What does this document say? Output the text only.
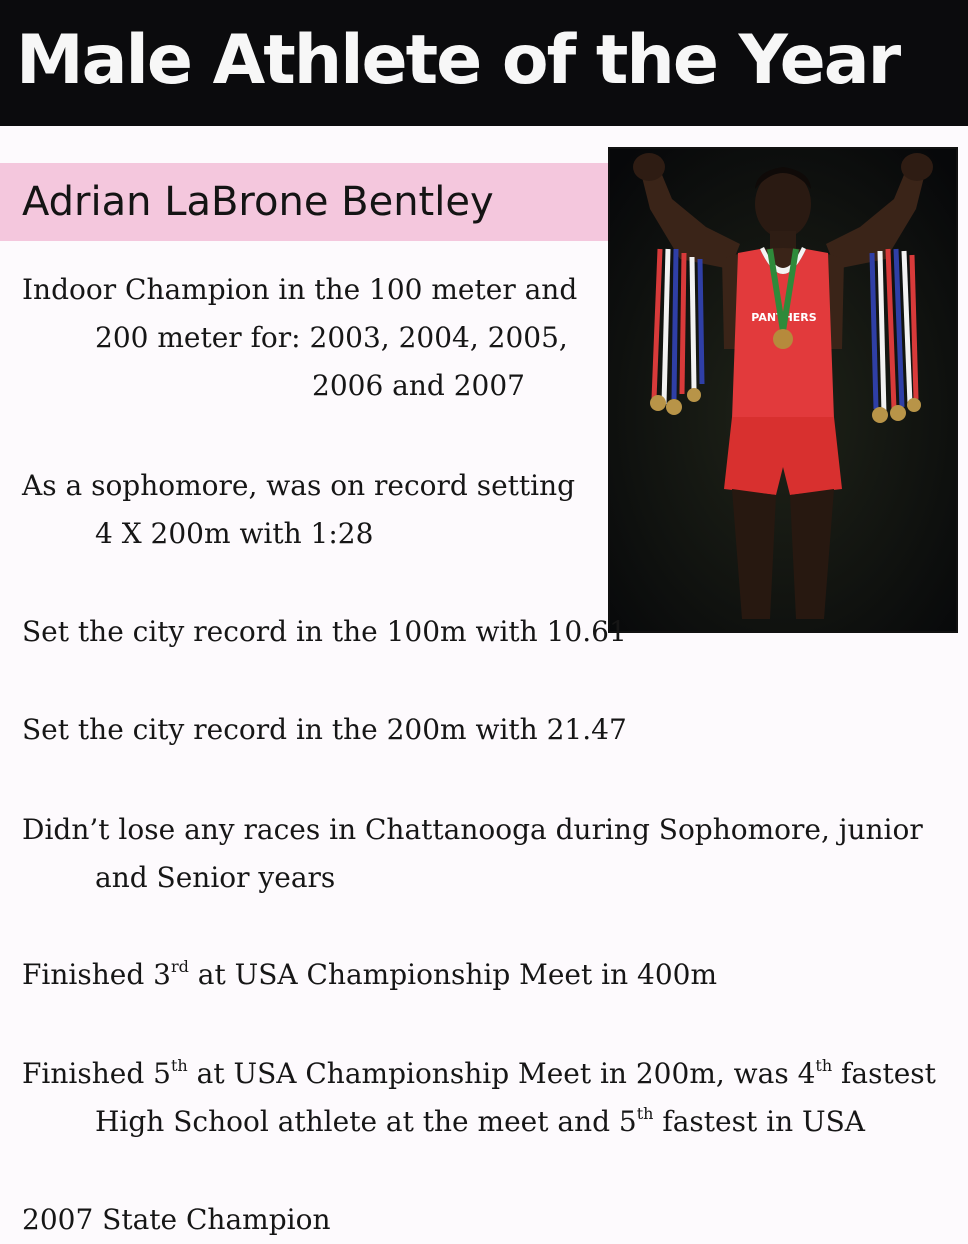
Male Athlete of the Year
Adrian LaBrone Bentley
PANTHERS
Indoor Champion in the 100 meter and
200 meter for: 2003, 2004, 2005,
2006 and 2007
As a sophomore, was on record setting
4 X 200m with 1:28
Set the city record in the 100m with 10.61
Set the city record in the 200m with 21.47
Didn’t lose any races in Chattanooga during Sophomore, junior
and Senior years
Finished 3rd at USA Championship Meet in 400m
Finished 5th at USA Championship Meet in 200m, was 4th fastest
High School athlete at the meet and 5th fastest in USA
2007 State Champion
